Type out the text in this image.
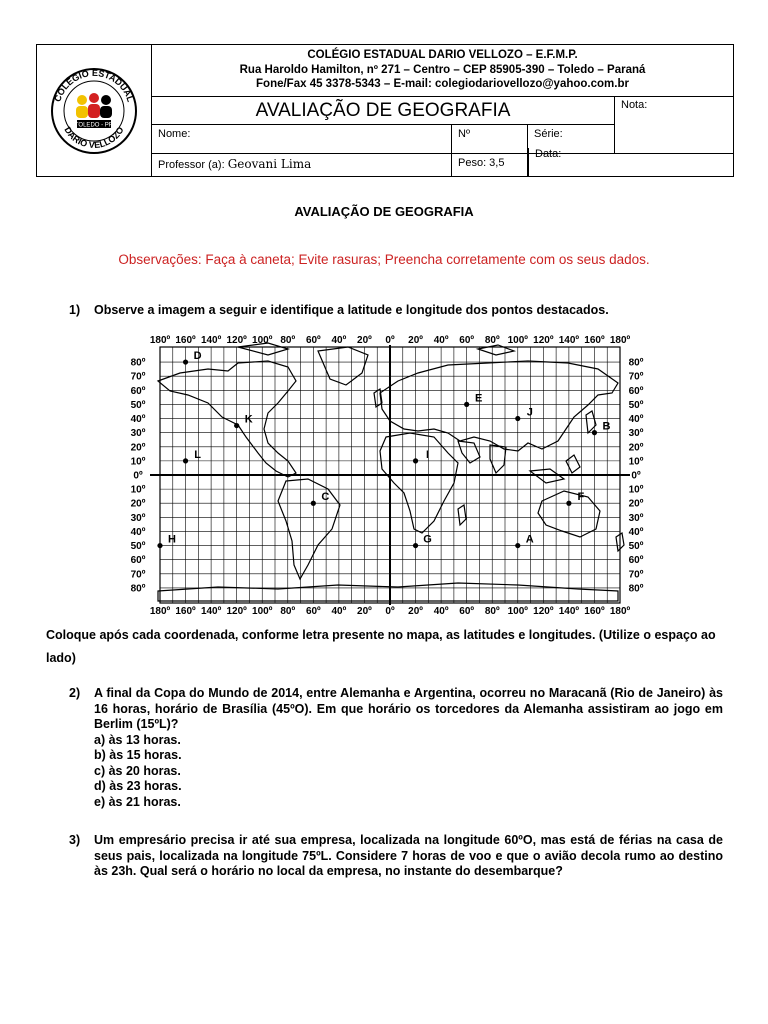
COLÉGIO ESTADUAL
DARIO VELLOZO
TOLEDO - PR
COLÉGIO ESTADUAL DARIO VELLOZO – E.F.M.P.
Rua Haroldo Hamilton, nº 271 – Centro – CEP 85905-390 – Toledo – Paraná
Fone/Fax 45 3378-5343 – E-mail: colegiodariovellozo@yahoo.com.br
AVALIAÇÃO DE GEOGRAFIA	Nota:
Nome:	Nº	Série:
Professor (a): Geovani Lima	Peso: 3,5
Data:
AVALIAÇÃO DE GEOGRAFIA
Observações: Faça à caneta; Evite rasuras; Preencha corretamente com os seus dados.
1) Observe a imagem a seguir e identifique a latitude e longitude dos pontos destacados.
180º 160º 140º 120º 100º 80º 60º 40º 20º 0º 20º 40º 60º 80º 100º 120º 140º 160º 180º
180º 160º 140º 120º 100º 80º 60º 40º 20º 0º 20º 40º 60º 80º 100º 120º 140º 160º 180º
80º	80º
70º	70º
60º	60º
50º	50º
40º	40º
30º	30º
20º	20º
10º	10º
0º	0º
10º	10º
20º	20º
30º	30º
40º	40º
50º	50º
60º	60º
70º	70º
80º	80º
D
K
L
H
C
I
G
E
J
B
F
A
Coloque após cada coordenada, conforme letra presente no mapa, as latitudes e longitudes. (Utilize o espaço ao lado)
2) A final da Copa do Mundo de 2014, entre Alemanha e Argentina, ocorreu no Maracanã (Rio de Janeiro) às 16 horas, horário de Brasília (45ºO). Em que horário os torcedores da Alemanha assistiram ao jogo em Berlim (15ºL)?
a) às 13 horas.
b) às 15 horas.
c) às 20 horas.
d) às 23 horas.
e) às 21 horas.
3) Um empresário precisa ir até sua empresa, localizada na longitude 60ºO, mas está de férias na casa de seus pais, localizada na longitude 75ºL. Considere 7 horas de voo e que o avião decola rumo ao destino às 23h. Qual será o horário no local da empresa, no instante do desembarque?
